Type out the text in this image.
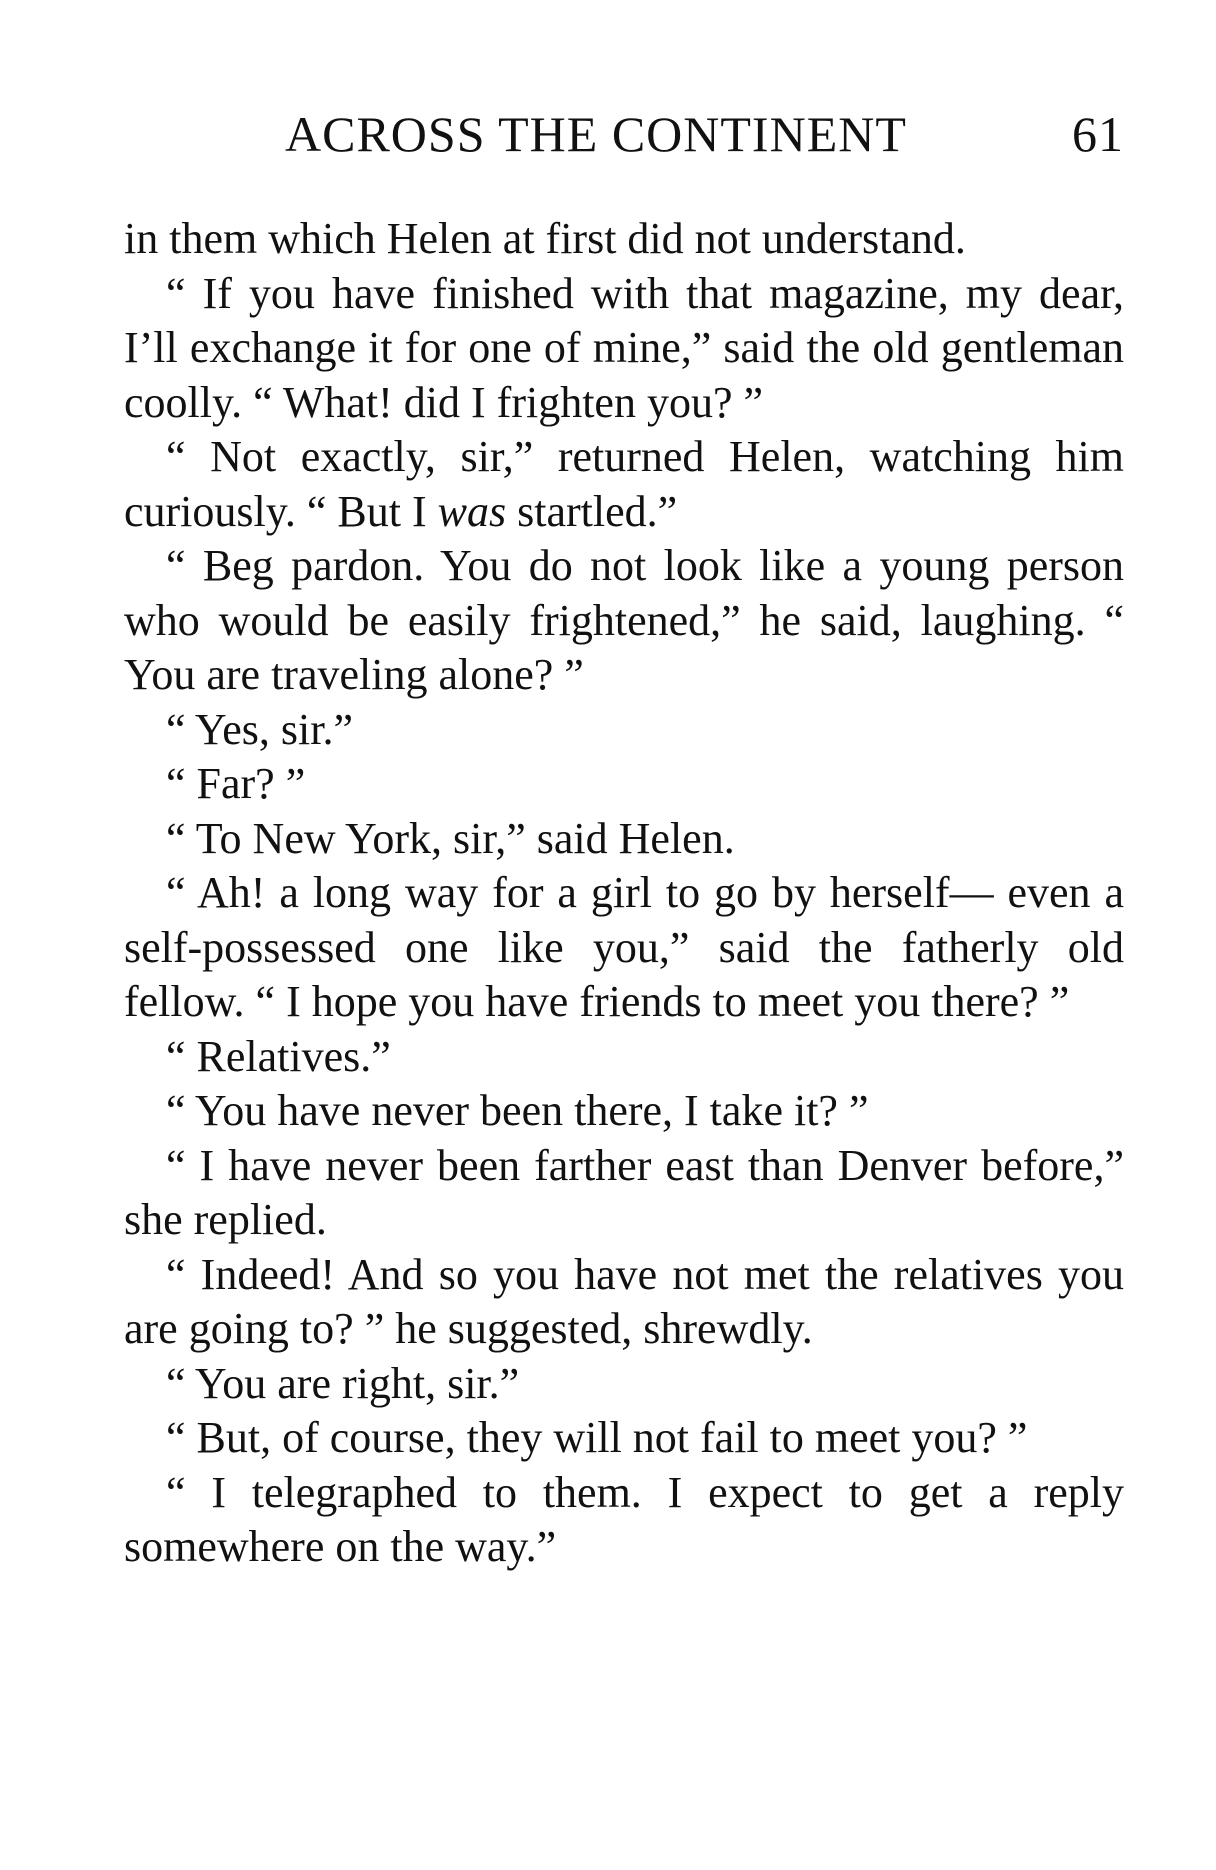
ACROSS THE CONTINENT	61

in them which Helen at first did not understand.

“ If you have finished with that magazine, my dear, I’ll exchange it for one of mine,” said the old gentleman coolly. “ What! did I frighten you? ”

“ Not exactly, sir,” returned Helen, watching him curiously. “ But I was startled.”

“ Beg pardon. You do not look like a young person who would be easily frightened,” he said, laughing. “ You are traveling alone? ”

“ Yes, sir.”

“ Far? ”

“ To New York, sir,” said Helen.

“ Ah! a long way for a girl to go by herself— even a self-possessed one like you,” said the fatherly old fellow. “ I hope you have friends to meet you there? ”

“ Relatives.”

“ You have never been there, I take it? ”

“ I have never been farther east than Denver before,” she replied.

“ Indeed! And so you have not met the relatives you are going to? ” he suggested, shrewdly.

“ You are right, sir.”

“ But, of course, they will not fail to meet you? ”

“ I telegraphed to them. I expect to get a reply somewhere on the way.”
